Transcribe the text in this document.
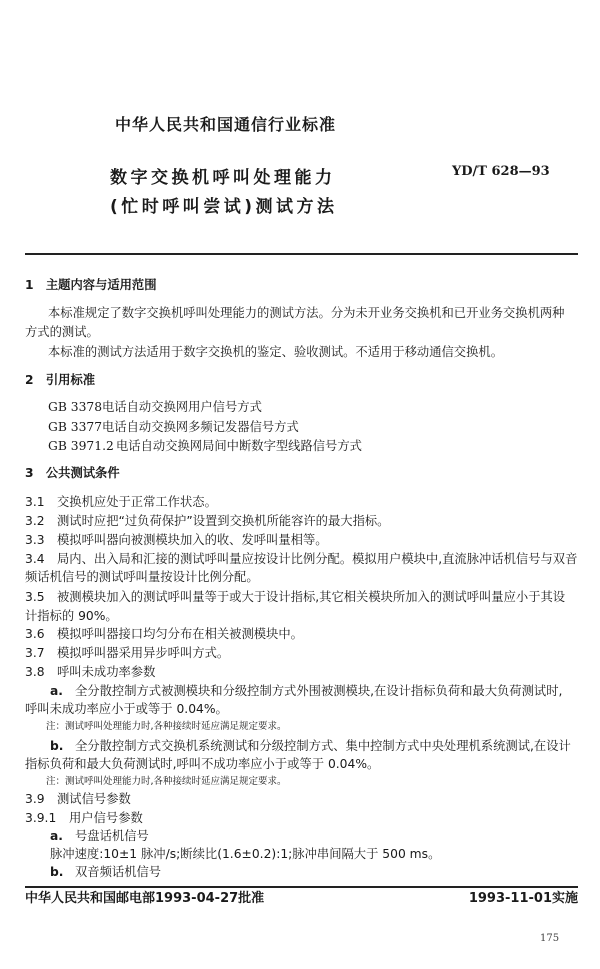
中华人民共和国通信行业标准
数字交换机呼叫处理能力
(忙时呼叫尝试)测试方法
YD/T 628—93
1　主题内容与适用范围
本标准规定了数字交换机呼叫处理能力的测试方法。分为未开业务交换机和已开业务交换机两种
方式的测试。
本标准的测试方法适用于数字交换机的鉴定、验收测试。不适用于移动通信交换机。
2　引用标准
GB 3378电话自动交换网用户信号方式
GB 3377电话自动交换网多频记发器信号方式
GB 3971.2 电话自动交换网局间中断数字型线路信号方式
3　公共测试条件
3.1 交换机应处于正常工作状态。
3.2 测试时应把“过负荷保护”设置到交换机所能容许的最大指标。
3.3 模拟呼叫器向被测模块加入的收、发呼叫量相等。
3.4 局内、出入局和汇接的测试呼叫量应按设计比例分配。模拟用户模块中,直流脉冲话机信号与双音
频话机信号的测试呼叫量按设计比例分配。
3.5 被测模块加入的测试呼叫量等于或大于设计指标,其它相关模块所加入的测试呼叫量应小于其设
计指标的 90%。
3.6 模拟呼叫器接口均匀分布在相关被测模块中。
3.7 模拟呼叫器采用异步呼叫方式。
3.8 呼叫未成功率参数
a. 全分散控制方式被测模块和分级控制方式外围被测模块,在设计指标负荷和最大负荷测试时,
呼叫未成功率应小于或等于 0.04%。
注：测试呼叫处理能力时,各种接续时延应满足规定要求。
b. 全分散控制方式交换机系统测试和分级控制方式、集中控制方式中央处理机系统测试,在设计
指标负荷和最大负荷测试时,呼叫不成功率应小于或等于 0.04%。
注：测试呼叫处理能力时,各种接续时延应满足规定要求。
3.9 测试信号参数
3.9.1 用户信号参数
a. 号盘话机信号
脉冲速度:10±1 脉冲/s;断续比(1.6±0.2):1;脉冲串间隔大于 500 ms。
b. 双音频话机信号
中华人民共和国邮电部1993-04-27批准	1993-11-01实施
175
